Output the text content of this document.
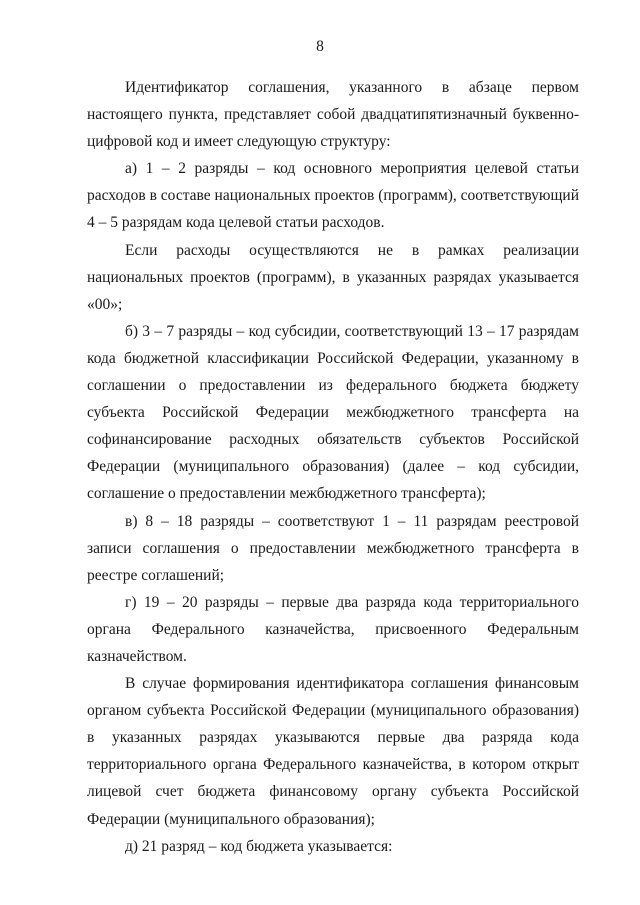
8

Идентификатор соглашения, указанного в абзаце первом настоящего пункта, представляет собой двадцатипятизначный буквенно-цифровой код и имеет следующую структуру:

а) 1 – 2 разряды – код основного мероприятия целевой статьи расходов в составе национальных проектов (программ), соответствующий 4 – 5 разрядам кода целевой статьи расходов.

Если расходы осуществляются не в рамках реализации национальных проектов (программ), в указанных разрядах указывается «00»;

б) 3 – 7 разряды – код субсидии, соответствующий 13 – 17 разрядам кода бюджетной классификации Российской Федерации, указанному в соглашении о предоставлении из федерального бюджета бюджету субъекта Российской Федерации межбюджетного трансферта на софинансирование расходных обязательств субъектов Российской Федерации (муниципального образования) (далее – код субсидии, соглашение о предоставлении межбюджетного трансферта);

в) 8 – 18 разряды – соответствуют 1 – 11 разрядам реестровой записи соглашения о предоставлении межбюджетного трансферта в реестре соглашений;

г) 19 – 20 разряды – первые два разряда кода территориального органа Федерального казначейства, присвоенного Федеральным казначейством.

В случае формирования идентификатора соглашения финансовым органом субъекта Российской Федерации (муниципального образования) в указанных разрядах указываются первые два разряда кода территориального органа Федерального казначейства, в котором открыт лицевой счет бюджета финансовому органу субъекта Российской Федерации (муниципального образования);

д) 21 разряд – код бюджета указывается:
